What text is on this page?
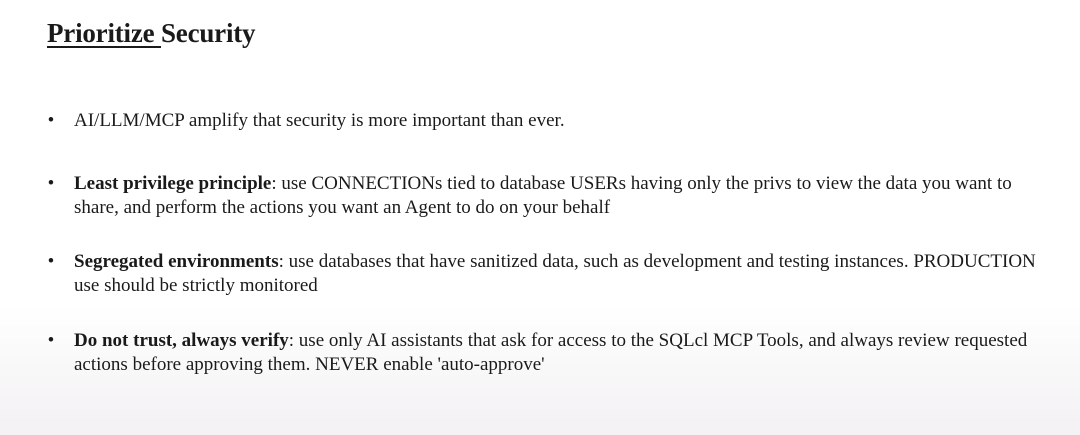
Prioritize Security
• AI/LLM/MCP amplify that security is more important than ever.
• Least privilege principle: use CONNECTIONs tied to database USERs having only the privs to view the data you want to share, and perform the actions you want an Agent to do on your behalf
• Segregated environments: use databases that have sanitized data, such as development and testing instances. PRODUCTION use should be strictly monitored
• Do not trust, always verify: use only AI assistants that ask for access to the SQLcl MCP Tools, and always review requested actions before approving them. NEVER enable 'auto-approve'
